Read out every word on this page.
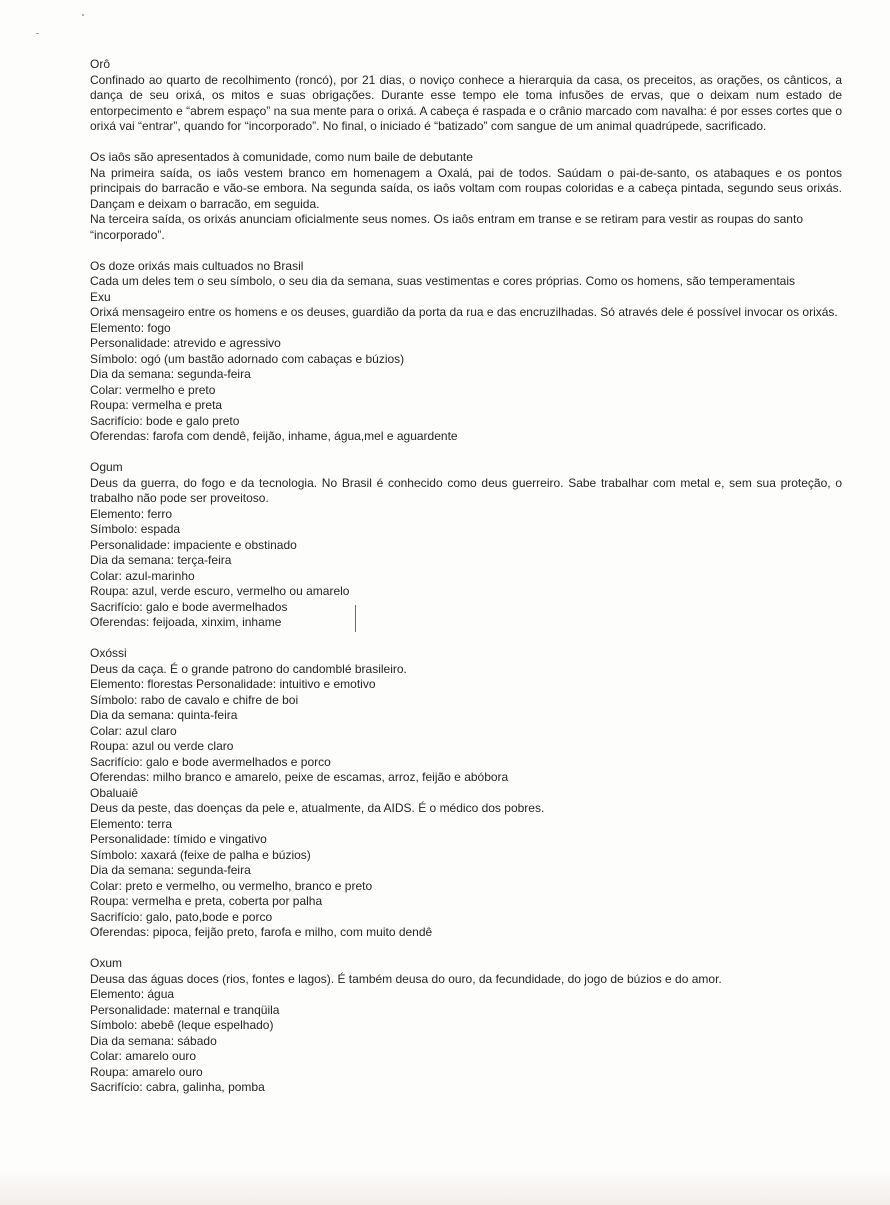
Orô

Confinado ao quarto de recolhimento (roncó), por 21 dias, o noviço conhece a hierarquia da casa, os preceitos, as orações, os cânticos, a dança de seu orixá, os mitos e suas obrigações. Durante esse tempo ele toma infusões de ervas, que o deixam num estado de entorpecimento e “abrem espaço” na sua mente para o orixá. A cabeça é raspada e o crânio marcado com navalha: é por esses cortes que o orixá vai “entrar”, quando for “incorporado”. No final, o iniciado é “batizado” com sangue de um animal quadrúpede, sacrificado.

Os iaôs são apresentados à comunidade, como num baile de debutante

Na primeira saída, os iaôs vestem branco em homenagem a Oxalá, pai de todos. Saúdam o pai-de-santo, os atabaques e os pontos principais do barracão e vão-se embora. Na segunda saída, os iaôs voltam com roupas coloridas e a cabeça pintada, segundo seus orixás. Dançam e deixam o barracão, em seguida.

Na terceira saída, os orixás anunciam oficialmente seus nomes. Os iaôs entram em transe e se retiram para vestir as roupas do santo “incorporado”.

Os doze orixás mais cultuados no Brasil

Cada um deles tem o seu símbolo, o seu dia da semana, suas vestimentas e cores próprias. Como os homens, são temperamentais

Exu

Orixá mensageiro entre os homens e os deuses, guardião da porta da rua e das encruzilhadas. Só através dele é possível invocar os orixás.

Elemento: fogo

Personalidade: atrevido e agressivo

Símbolo: ogó (um bastão adornado com cabaças e búzios)

Dia da semana: segunda-feira

Colar: vermelho e preto

Roupa: vermelha e preta

Sacrifício: bode e galo preto

Oferendas: farofa com dendê, feijão, inhame, água,mel e aguardente

Ogum

Deus da guerra, do fogo e da tecnologia. No Brasil é conhecido como deus guerreiro. Sabe trabalhar com metal e, sem sua proteção, o trabalho não pode ser proveitoso.

Elemento: ferro

Símbolo: espada

Personalidade: impaciente e obstinado

Dia da semana: terça-feira

Colar: azul-marinho

Roupa: azul, verde escuro, vermelho ou amarelo

Sacrifício: galo e bode avermelhados

Oferendas: feijoada, xinxim, inhame

Oxóssi

Deus da caça. É o grande patrono do candomblé brasileiro.

Elemento: florestas Personalidade: intuitivo e emotivo

Símbolo: rabo de cavalo e chifre de boi

Dia da semana: quinta-feira

Colar: azul claro

Roupa: azul ou verde claro

Sacrifício: galo e bode avermelhados e porco

Oferendas: milho branco e amarelo, peixe de escamas, arroz, feijão e abóbora

Obaluaiê

Deus da peste, das doenças da pele e, atualmente, da AIDS. É o médico dos pobres.

Elemento: terra

Personalidade: tímido e vingativo

Símbolo: xaxará (feixe de palha e búzios)

Dia da semana: segunda-feira

Colar: preto e vermelho, ou vermelho, branco e preto

Roupa: vermelha e preta, coberta por palha

Sacrifício: galo, pato,bode e porco

Oferendas: pipoca, feijão preto, farofa e milho, com muito dendê

Oxum

Deusa das águas doces (rios, fontes e lagos). É também deusa do ouro, da fecundidade, do jogo de búzios e do amor.

Elemento: água

Personalidade: maternal e tranqüila

Símbolo: abebê (leque espelhado)

Dia da semana: sábado

Colar: amarelo ouro

Roupa: amarelo ouro

Sacrifício: cabra, galinha, pomba
